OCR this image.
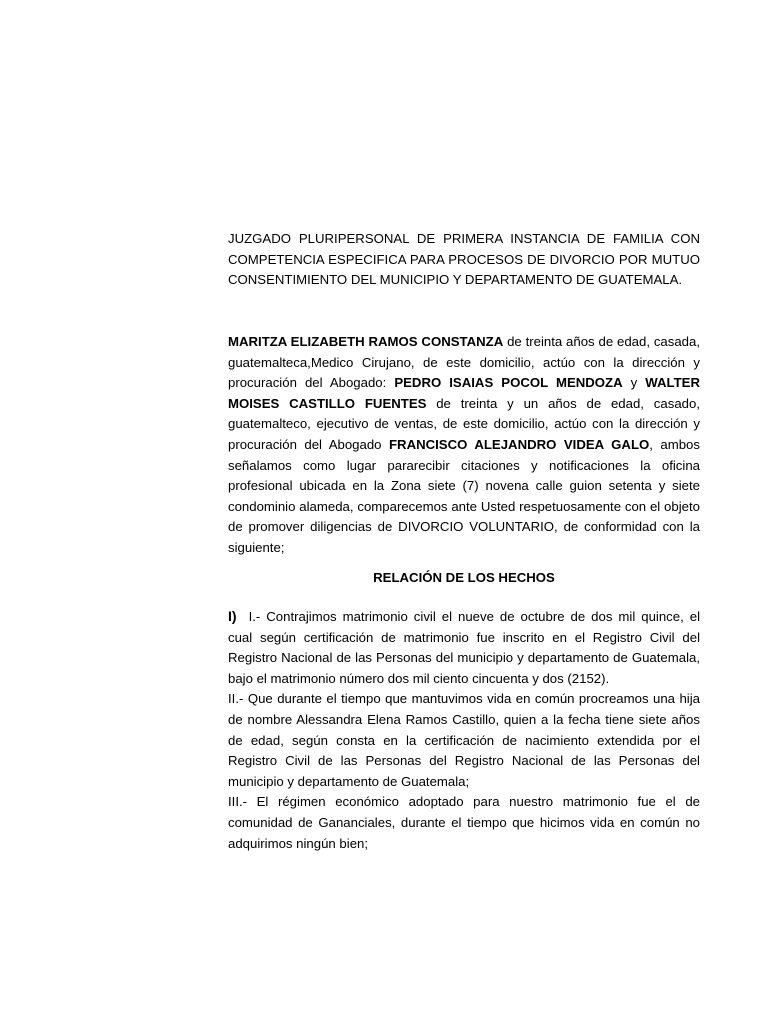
JUZGADO PLURIPERSONAL DE PRIMERA INSTANCIA DE FAMILIA CON COMPETENCIA ESPECIFICA PARA PROCESOS DE DIVORCIO POR MUTUO CONSENTIMIENTO DEL MUNICIPIO Y DEPARTAMENTO DE GUATEMALA.

MARITZA ELIZABETH RAMOS CONSTANZA de treinta años de edad, casada, guatemalteca,Medico Cirujano, de este domicilio, actúo con la dirección y procuración del Abogado: PEDRO ISAIAS POCOL MENDOZA y WALTER MOISES CASTILLO FUENTES de treinta y un años de edad, casado, guatemalteco, ejecutivo de ventas, de este domicilio, actúo con la dirección y procuración del Abogado FRANCISCO ALEJANDRO VIDEA GALO, ambos señalamos como lugar pararecibir citaciones y notificaciones la oficina profesional ubicada en la Zona siete (7) novena calle guion setenta y siete condominio alameda, comparecemos ante Usted respetuosamente con el objeto de promover diligencias de DIVORCIO VOLUNTARIO, de conformidad con la siguiente;

RELACIÓN DE LOS HECHOS

I) I.- Contrajimos matrimonio civil el nueve de octubre de dos mil quince, el cual según certificación de matrimonio fue inscrito en el Registro Civil del Registro Nacional de las Personas del municipio y departamento de Guatemala, bajo el matrimonio número dos mil ciento cincuenta y dos (2152).

II.- Que durante el tiempo que mantuvimos vida en común procreamos una hija de nombre Alessandra Elena Ramos Castillo, quien a la fecha tiene siete años de edad, según consta en la certificación de nacimiento extendida por el Registro Civil de las Personas del Registro Nacional de las Personas del municipio y departamento de Guatemala;

III.- El régimen económico adoptado para nuestro matrimonio fue el de comunidad de Gananciales, durante el tiempo que hicimos vida en común no adquirimos ningún bien;
